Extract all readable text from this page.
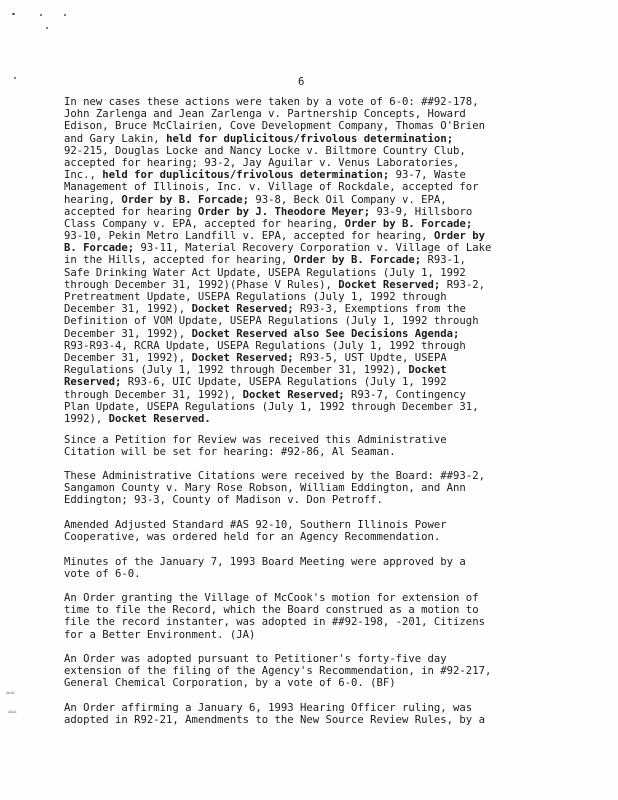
≈≈
≈≈
6
In new cases these actions were taken by a vote of 6-0: ##92-178,
John Zarlenga and Jean Zarlenga v. Partnership Concepts, Howard
Edison, Bruce McClairien, Cove Development Company, Thomas O'Brien
and Gary Lakin, held for duplicitous/frivolous determination;
92-215, Douglas Locke and Nancy Locke v. Biltmore Country Club,
accepted for hearing; 93-2, Jay Aguilar v. Venus Laboratories,
Inc., held for duplicitous/frivolous determination; 93-7, Waste
Management of Illinois, Inc. v. Village of Rockdale, accepted for
hearing, Order by B. Forcade; 93-8, Beck Oil Company v. EPA,
accepted for hearing Order by J. Theodore Meyer; 93-9, Hillsboro
Class Company v. EPA, accepted for hearing, Order by B. Forcade;
93-10, Pekin Metro Landfill v. EPA, accepted for hearing, Order by
B. Forcade; 93-11, Material Recovery Corporation v. Village of Lake
in the Hills, accepted for hearing, Order by B. Forcade; R93-1,
Safe Drinking Water Act Update, USEPA Regulations (July 1, 1992
through December 31, 1992)(Phase V Rules), Docket Reserved; R93-2,
Pretreatment Update, USEPA Regulations (July 1, 1992 through
December 31, 1992), Docket Reserved; R93-3, Exemptions from the
Definition of VOM Update, USEPA Regulations (July 1, 1992 through
December 31, 1992), Docket Reserved also See Decisions Agenda;
R93-R93-4, RCRA Update, USEPA Regulations (July 1, 1992 through
December 31, 1992), Docket Reserved; R93-5, UST Updte, USEPA
Regulations (July 1, 1992 through December 31, 1992), Docket
Reserved; R93-6, UIC Update, USEPA Regulations (July 1, 1992
through December 31, 1992), Docket Reserved; R93-7, Contingency
Plan Update, USEPA Regulations (July 1, 1992 through December 31,
1992), Docket Reserved.
Since a Petition for Review was received this Administrative
Citation will be set for hearing: #92-86, Al Seaman.
These Administrative Citations were received by the Board: ##93-2,
Sangamon County v. Mary Rose Robson, William Eddington, and Ann
Eddington; 93-3, County of Madison v. Don Petroff.
Amended Adjusted Standard #AS 92-10, Southern Illinois Power
Cooperative, was ordered held for an Agency Recommendation.
Minutes of the January 7, 1993 Board Meeting were approved by a
vote of 6-0.
An Order granting the Village of McCook's motion for extension of
time to file the Record, which the Board construed as a motion to
file the record instanter, was adopted in ##92-198, -201, Citizens
for a Better Environment. (JA)
An Order was adopted pursuant to Petitioner's forty-five day
extension of the filing of the Agency's Recommendation, in #92-217,
General Chemical Corporation, by a vote of 6-0. (BF)
An Order affirming a January 6, 1993 Hearing Officer ruling, was
adopted in R92-21, Amendments to the New Source Review Rules, by a
